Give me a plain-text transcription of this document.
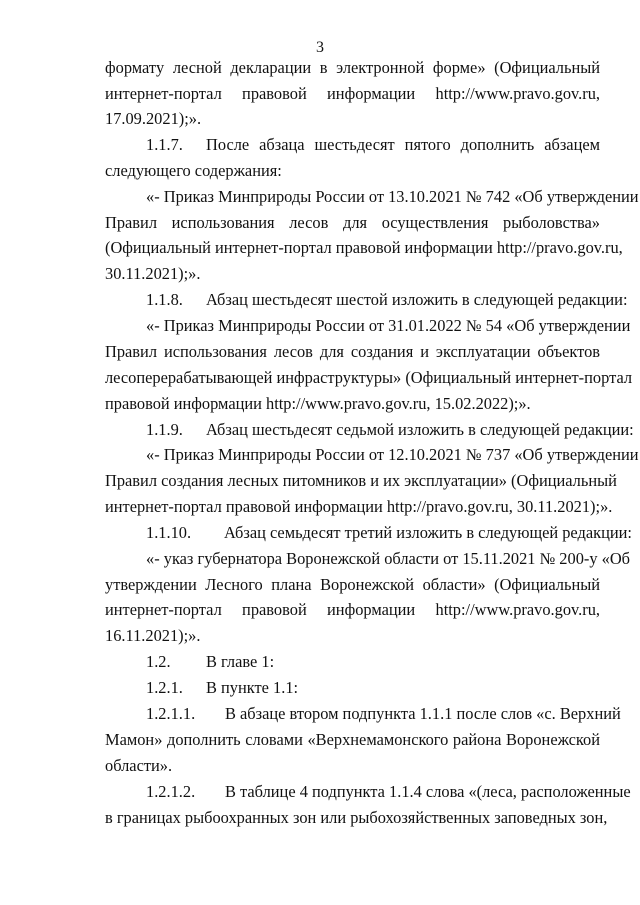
3
форматy лесной декларации в электронной форме» (Официальный
интернет-портал правовой информации http://www.pravo.gov.ru,
17.09.2021);».
1.1.7. После абзаца шестьдесят пятого дополнить абзацем
следующего содержания:
«- Приказ Минприроды России от 13.10.2021 № 742 «Об утверждении
Правил использования лесов для осуществления рыболовства»
(Официальный интернет-портал правовой информации http://pravo.gov.ru,
30.11.2021);».
1.1.8. Абзац шестьдесят шестой изложить в следующей редакции:
«- Приказ Минприроды России от 31.01.2022 № 54 «Об утверждении
Правил использования лесов для создания и эксплуатации объектов
лесоперерабатывающей инфраструктуры» (Официальный интернет-портал
правовой информации http://www.pravo.gov.ru, 15.02.2022);».
1.1.9. Абзац шестьдесят седьмой изложить в следующей редакции:
«- Приказ Минприроды России от 12.10.2021 № 737 «Об утверждении
Правил создания лесных питомников и их эксплуатации» (Официальный
интернет-портал правовой информации http://pravo.gov.ru, 30.11.2021);».
1.1.10. Абзац семьдесят третий изложить в следующей редакции:
«- указ губернатора Воронежской области от 15.11.2021 № 200-у «Об
утверждении Лесного плана Воронежской области» (Официальный
интернет-портал правовой информации http://www.pravo.gov.ru,
16.11.2021);».
1.2. В главе 1:
1.2.1. В пункте 1.1:
1.2.1.1. В абзаце втором подпункта 1.1.1 после слов «с. Верхний
Мамон» дополнить словами «Верхнемамонского района Воронежской
области».
1.2.1.2. В таблице 4 подпункта 1.1.4 слова «(леса, расположенные
в границах рыбоохранных зон или рыбохозяйственных заповедных зон,
